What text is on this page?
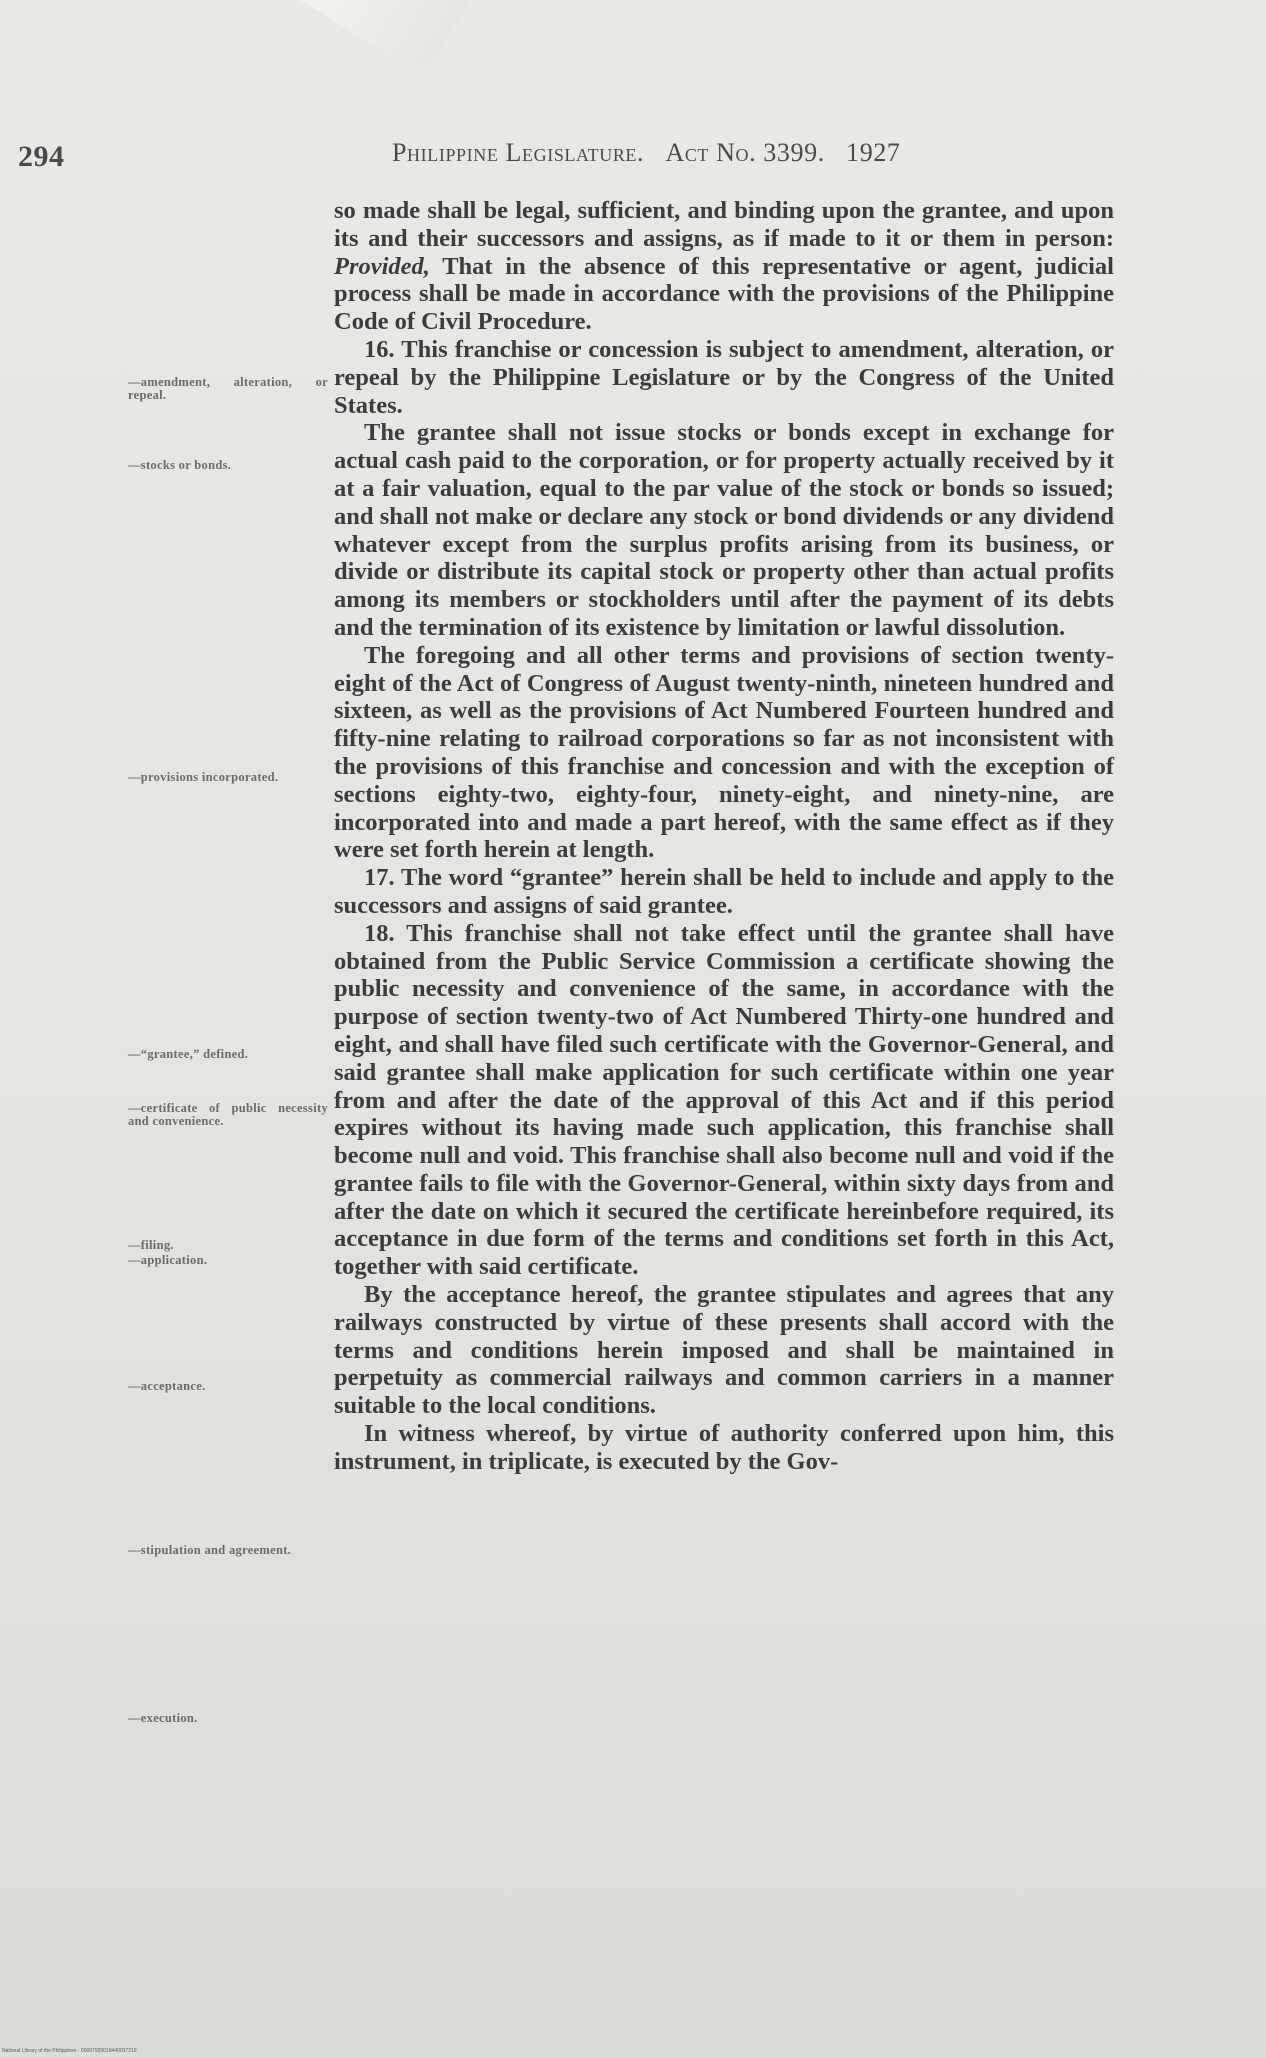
294	Philippine Legislature. Act No. 3399. 1927

so made shall be legal, sufficient, and binding upon the grantee, and upon its and their successors and assigns, as if made to it or them in person: Provided, That in the absence of this representative or agent, judicial process shall be made in accordance with the provisions of the Philippine Code of Civil Procedure.

16. This franchise or concession is subject to amendment, alteration, or repeal by the Philippine Legislature or by the Congress of the United States.

The grantee shall not issue stocks or bonds except in exchange for actual cash paid to the corporation, or for property actually received by it at a fair valuation, equal to the par value of the stock or bonds so issued; and shall not make or declare any stock or bond dividends or any dividend whatever except from the surplus profits arising from its business, or divide or distribute its capital stock or property other than actual profits among its members or stockholders until after the payment of its debts and the termination of its existence by limitation or lawful dissolution.

The foregoing and all other terms and provisions of section twenty-eight of the Act of Congress of August twenty-ninth, nineteen hundred and sixteen, as well as the provisions of Act Numbered Fourteen hundred and fifty-nine relating to railroad corporations so far as not inconsistent with the provisions of this franchise and concession and with the exception of sections eighty-two, eighty-four, ninety-eight, and ninety-nine, are incorporated into and made a part hereof, with the same effect as if they were set forth herein at length.

17. The word “grantee” herein shall be held to include and apply to the successors and assigns of said grantee.

18. This franchise shall not take effect until the grantee shall have obtained from the Public Service Commission a certificate showing the public necessity and convenience of the same, in accordance with the purpose of section twenty-two of Act Numbered Thirty-one hundred and eight, and shall have filed such certificate with the Governor-General, and said grantee shall make application for such certificate within one year from and after the date of the approval of this Act and if this period expires without its having made such application, this franchise shall become null and void. This franchise shall also become null and void if the grantee fails to file with the Governor-General, within sixty days from and after the date on which it secured the certificate hereinbefore required, its acceptance in due form of the terms and conditions set forth in this Act, together with said certificate.

By the acceptance hereof, the grantee stipulates and agrees that any railways constructed by virtue of these presents shall accord with the terms and conditions herein imposed and shall be maintained in perpetuity as commercial railways and common carriers in a manner suitable to the local conditions.

In witness whereof, by virtue of authority conferred upon him, this instrument, in triplicate, is executed by the Gov-

—amendment, alteration, or repeal.
—stocks or bonds.
—provisions incorporated.
—“grantee,” defined.
—certificate of public necessity and convenience.
—filing.
—application.
—acceptance.
—stipulation and agreement.
—execution.
National Library of the Philippines · 00097920019440037219
